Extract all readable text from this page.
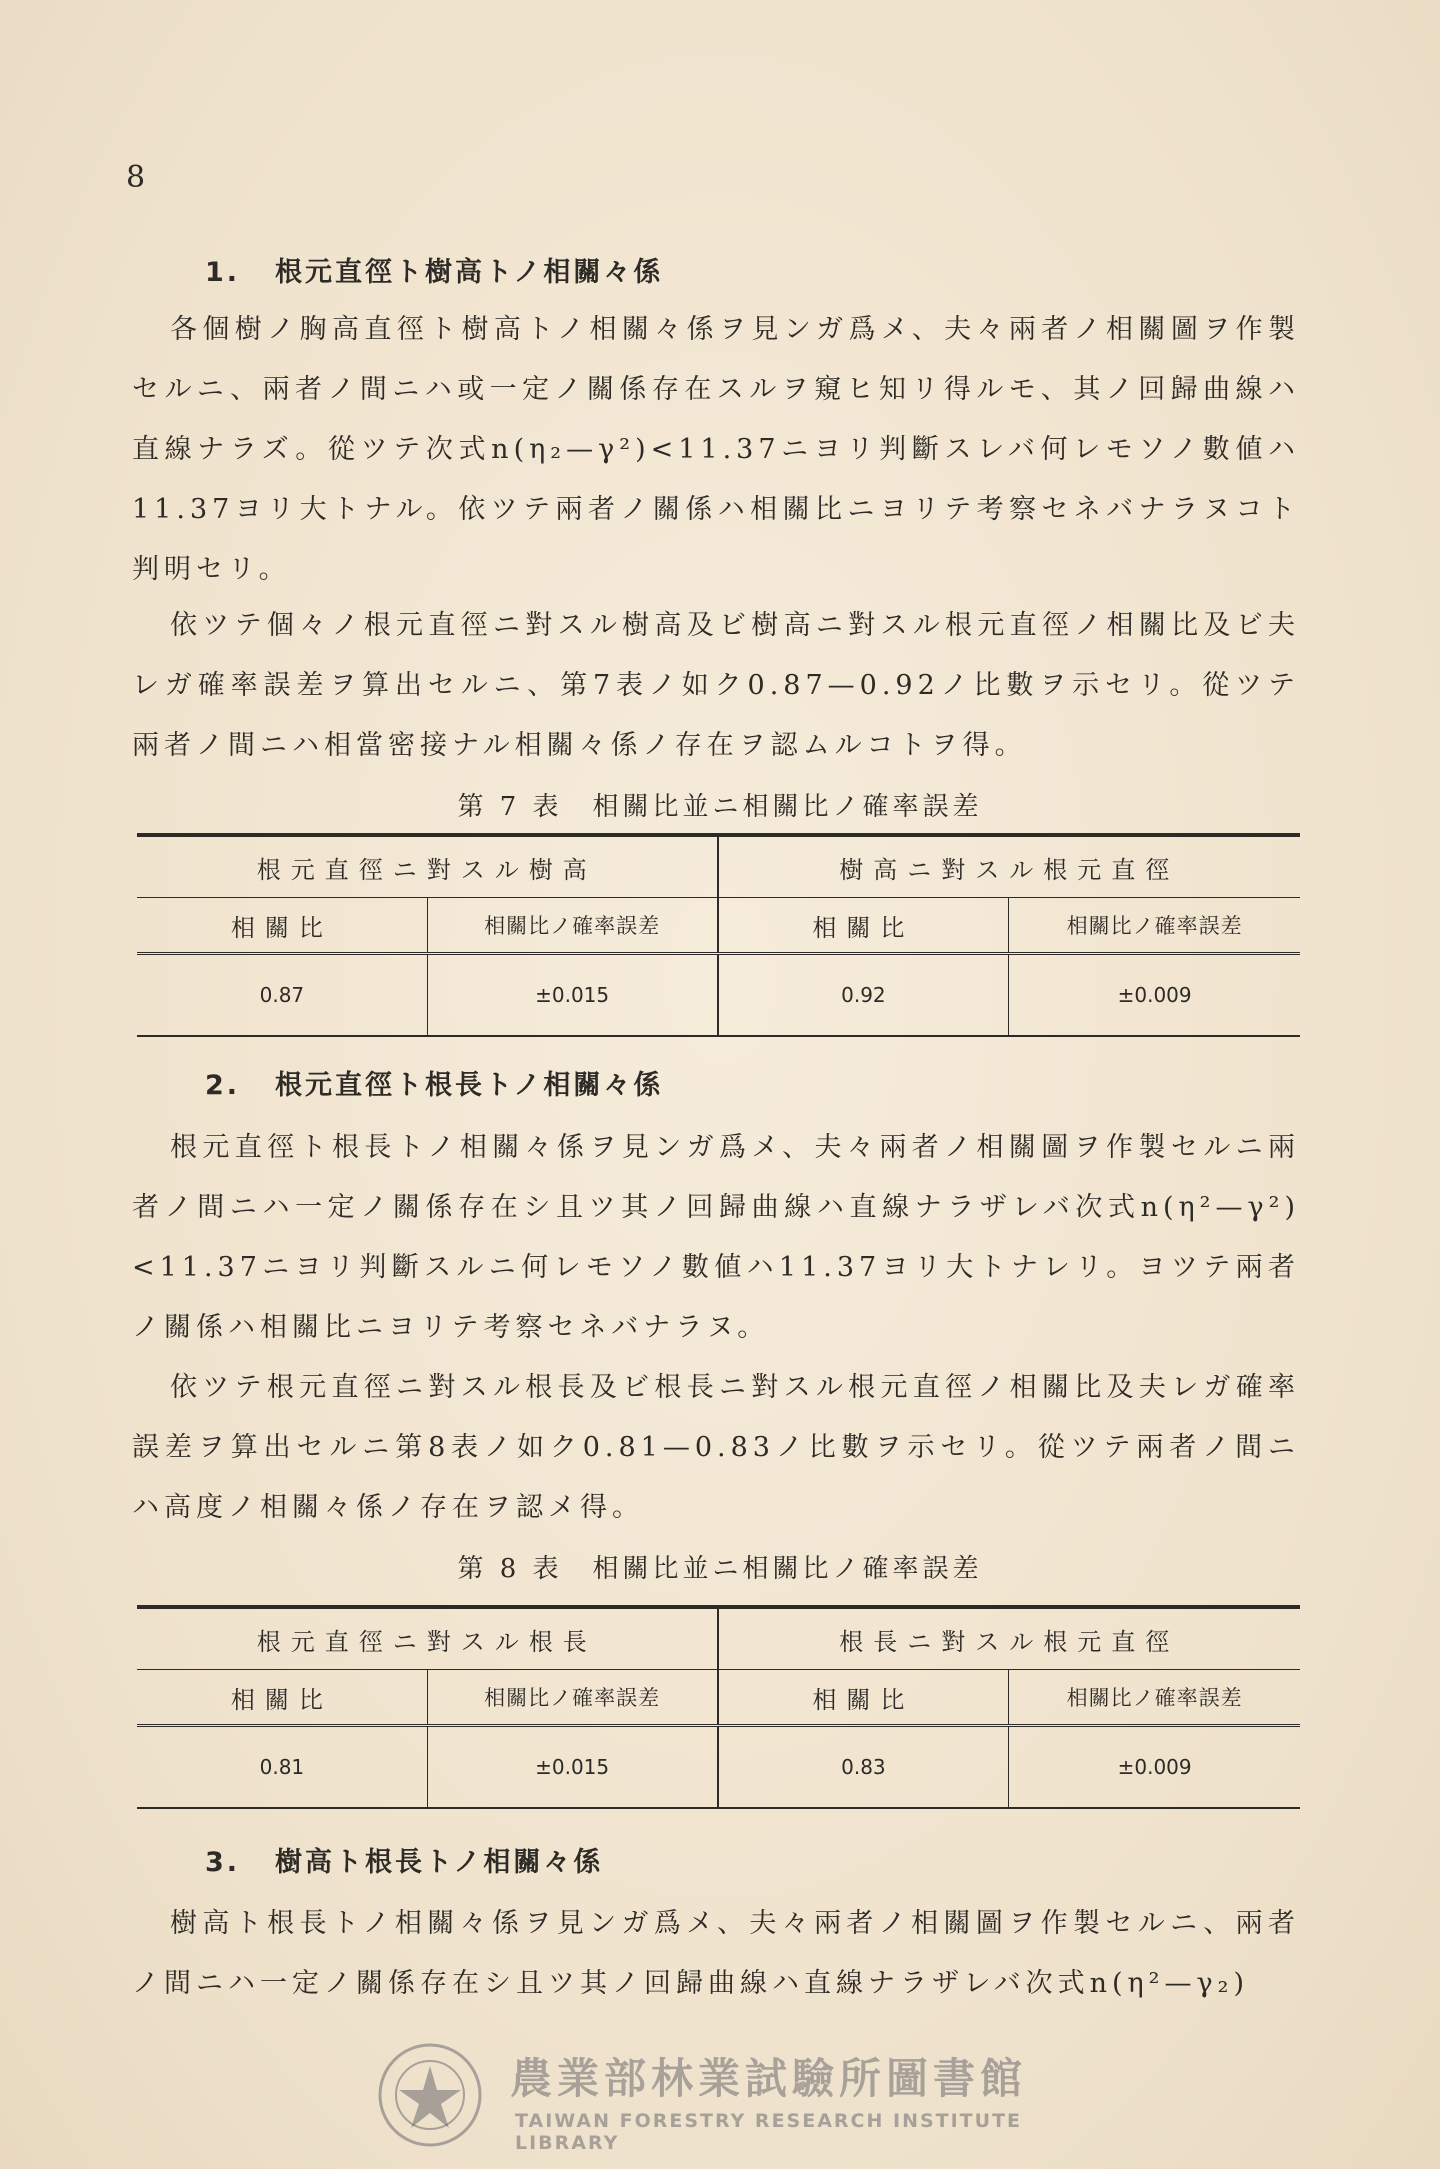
8
1. 根元直徑ト樹高トノ相關々係
各個樹ノ胸高直徑ト樹高トノ相關々係ヲ見ンガ爲メ、夫々兩者ノ相關圖ヲ作製セルニ、兩者ノ間ニハ或一定ノ關係存在スルヲ窺ヒ知リ得ルモ、其ノ回歸曲線ハ直線ナラズ。從ツテ次式n(η₂—γ²)<11.37ニヨリ判斷スレバ何レモソノ數値ハ11.37ヨリ大トナル。依ツテ兩者ノ關係ハ相關比ニヨリテ考察セネバナラヌコト判明セリ。
依ツテ個々ノ根元直徑ニ對スル樹高及ビ樹高ニ對スル根元直徑ノ相關比及ビ夫レガ確率誤差ヲ算出セルニ、第7表ノ如ク0.87—0.92ノ比數ヲ示セリ。從ツテ兩者ノ間ニハ相當密接ナル相關々係ノ存在ヲ認ムルコトヲ得。
第 7 表　相關比並ニ相關比ノ確率誤差
根元直徑ニ對スル樹高	樹高ニ對スル根元直徑
相關比	相關比ノ確率誤差	相關比	相關比ノ確率誤差
0.87	±0.015	0.92	±0.009
2. 根元直徑ト根長トノ相關々係
根元直徑ト根長トノ相關々係ヲ見ンガ爲メ、夫々兩者ノ相關圖ヲ作製セルニ兩者ノ間ニハ一定ノ關係存在シ且ツ其ノ回歸曲線ハ直線ナラザレバ次式n(η²—γ²)<11.37ニヨリ判斷スルニ何レモソノ數値ハ11.37ヨリ大トナレリ。ヨツテ兩者ノ關係ハ相關比ニヨリテ考察セネバナラヌ。
依ツテ根元直徑ニ對スル根長及ビ根長ニ對スル根元直徑ノ相關比及夫レガ確率誤差ヲ算出セルニ第8表ノ如ク0.81—0.83ノ比數ヲ示セリ。從ツテ兩者ノ間ニハ高度ノ相關々係ノ存在ヲ認メ得。
第 8 表　相關比並ニ相關比ノ確率誤差
根元直徑ニ對スル根長	根長ニ對スル根元直徑
相關比	相關比ノ確率誤差	相關比	相關比ノ確率誤差
0.81	±0.015	0.83	±0.009
3. 樹高ト根長トノ相關々係
樹高ト根長トノ相關々係ヲ見ンガ爲メ、夫々兩者ノ相關圖ヲ作製セルニ、兩者ノ間ニハ一定ノ關係存在シ且ツ其ノ回歸曲線ハ直線ナラザレバ次式n(η²—γ₂)
農業部林業試驗所圖書館
TAIWAN FORESTRY RESEARCH INSTITUTE LIBRARY
